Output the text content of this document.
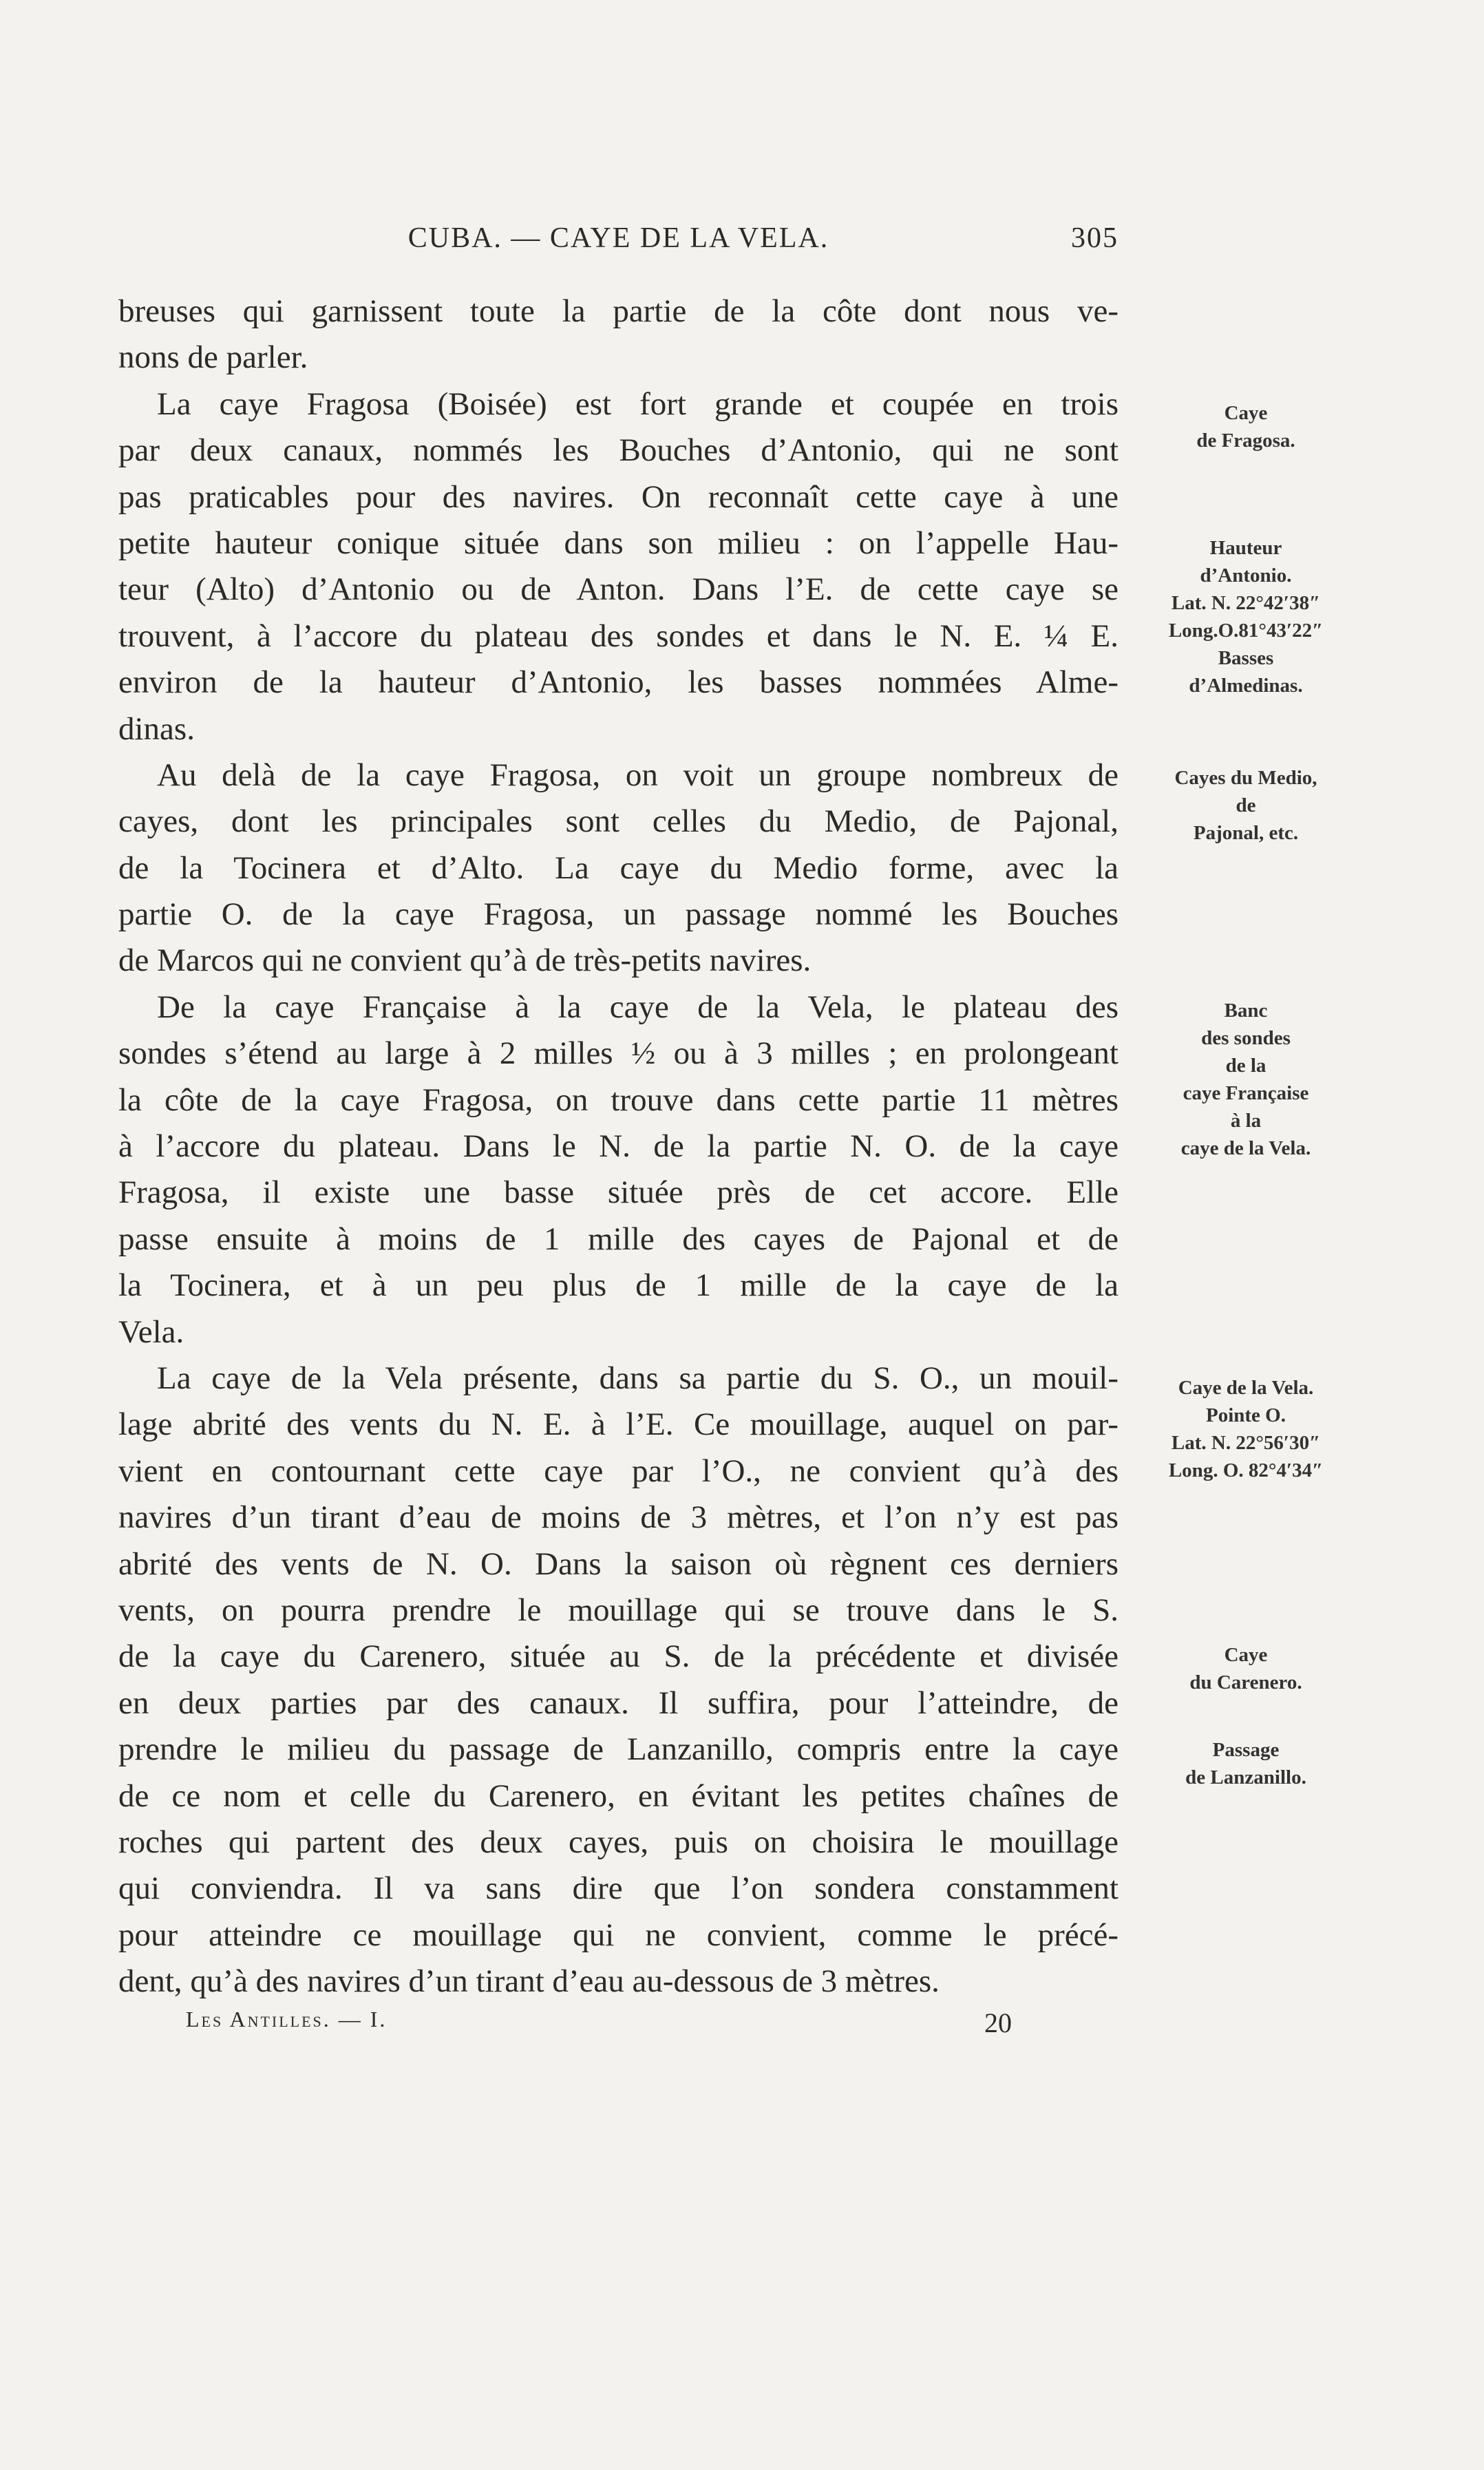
CUBA. — CAYE DE LA VELA.	305
breuses qui garnissent toute la partie de la côte dont nous ve-
nons de parler.
La caye Fragosa (Boisée) est fort grande et coupée en trois
par deux canaux, nommés les Bouches d’Antonio, qui ne sont
pas praticables pour des navires. On reconnaît cette caye à une
petite hauteur conique située dans son milieu : on l’appelle Hau-
teur (Alto) d’Antonio ou de Anton. Dans l’E. de cette caye se
trouvent, à l’accore du plateau des sondes et dans le N. E. ¼ E.
environ de la hauteur d’Antonio, les basses nommées Alme-
dinas.
Au delà de la caye Fragosa, on voit un groupe nombreux de
cayes, dont les principales sont celles du Medio, de Pajonal,
de la Tocinera et d’Alto. La caye du Medio forme, avec la
partie O. de la caye Fragosa, un passage nommé les Bouches
de Marcos qui ne convient qu’à de très-petits navires.
De la caye Française à la caye de la Vela, le plateau des
sondes s’étend au large à 2 milles ½ ou à 3 milles ; en prolongeant
la côte de la caye Fragosa, on trouve dans cette partie 11 mètres
à l’accore du plateau. Dans le N. de la partie N. O. de la caye
Fragosa, il existe une basse située près de cet accore. Elle
passe ensuite à moins de 1 mille des cayes de Pajonal et de
la Tocinera, et à un peu plus de 1 mille de la caye de la
Vela.
La caye de la Vela présente, dans sa partie du S. O., un mouil-
lage abrité des vents du N. E. à l’E. Ce mouillage, auquel on par-
vient en contournant cette caye par l’O., ne convient qu’à des
navires d’un tirant d’eau de moins de 3 mètres, et l’on n’y est pas
abrité des vents de N. O. Dans la saison où règnent ces derniers
vents, on pourra prendre le mouillage qui se trouve dans le S.
de la caye du Carenero, située au S. de la précédente et divisée
en deux parties par des canaux. Il suffira, pour l’atteindre, de
prendre le milieu du passage de Lanzanillo, compris entre la caye
de ce nom et celle du Carenero, en évitant les petites chaînes de
roches qui partent des deux cayes, puis on choisira le mouillage
qui conviendra. Il va sans dire que l’on sondera constamment
pour atteindre ce mouillage qui ne convient, comme le précé-
dent, qu’à des navires d’un tirant d’eau au-dessous de 3 mètres.
Caye
de Fragosa.
Hauteur
d’Antonio.
Lat. N. 22°42′38″
Long.O.81°43′22″
Basses
d’Almedinas.
Cayes du Medio,
de
Pajonal, etc.
Banc
des sondes
de la
caye Française
à la
caye de la Vela.
Caye de la Vela.
Pointe O.
Lat. N. 22°56′30″
Long. O. 82°4′34″
Caye
du Carenero.
Passage
de Lanzanillo.
Les Antilles. — I.	20
